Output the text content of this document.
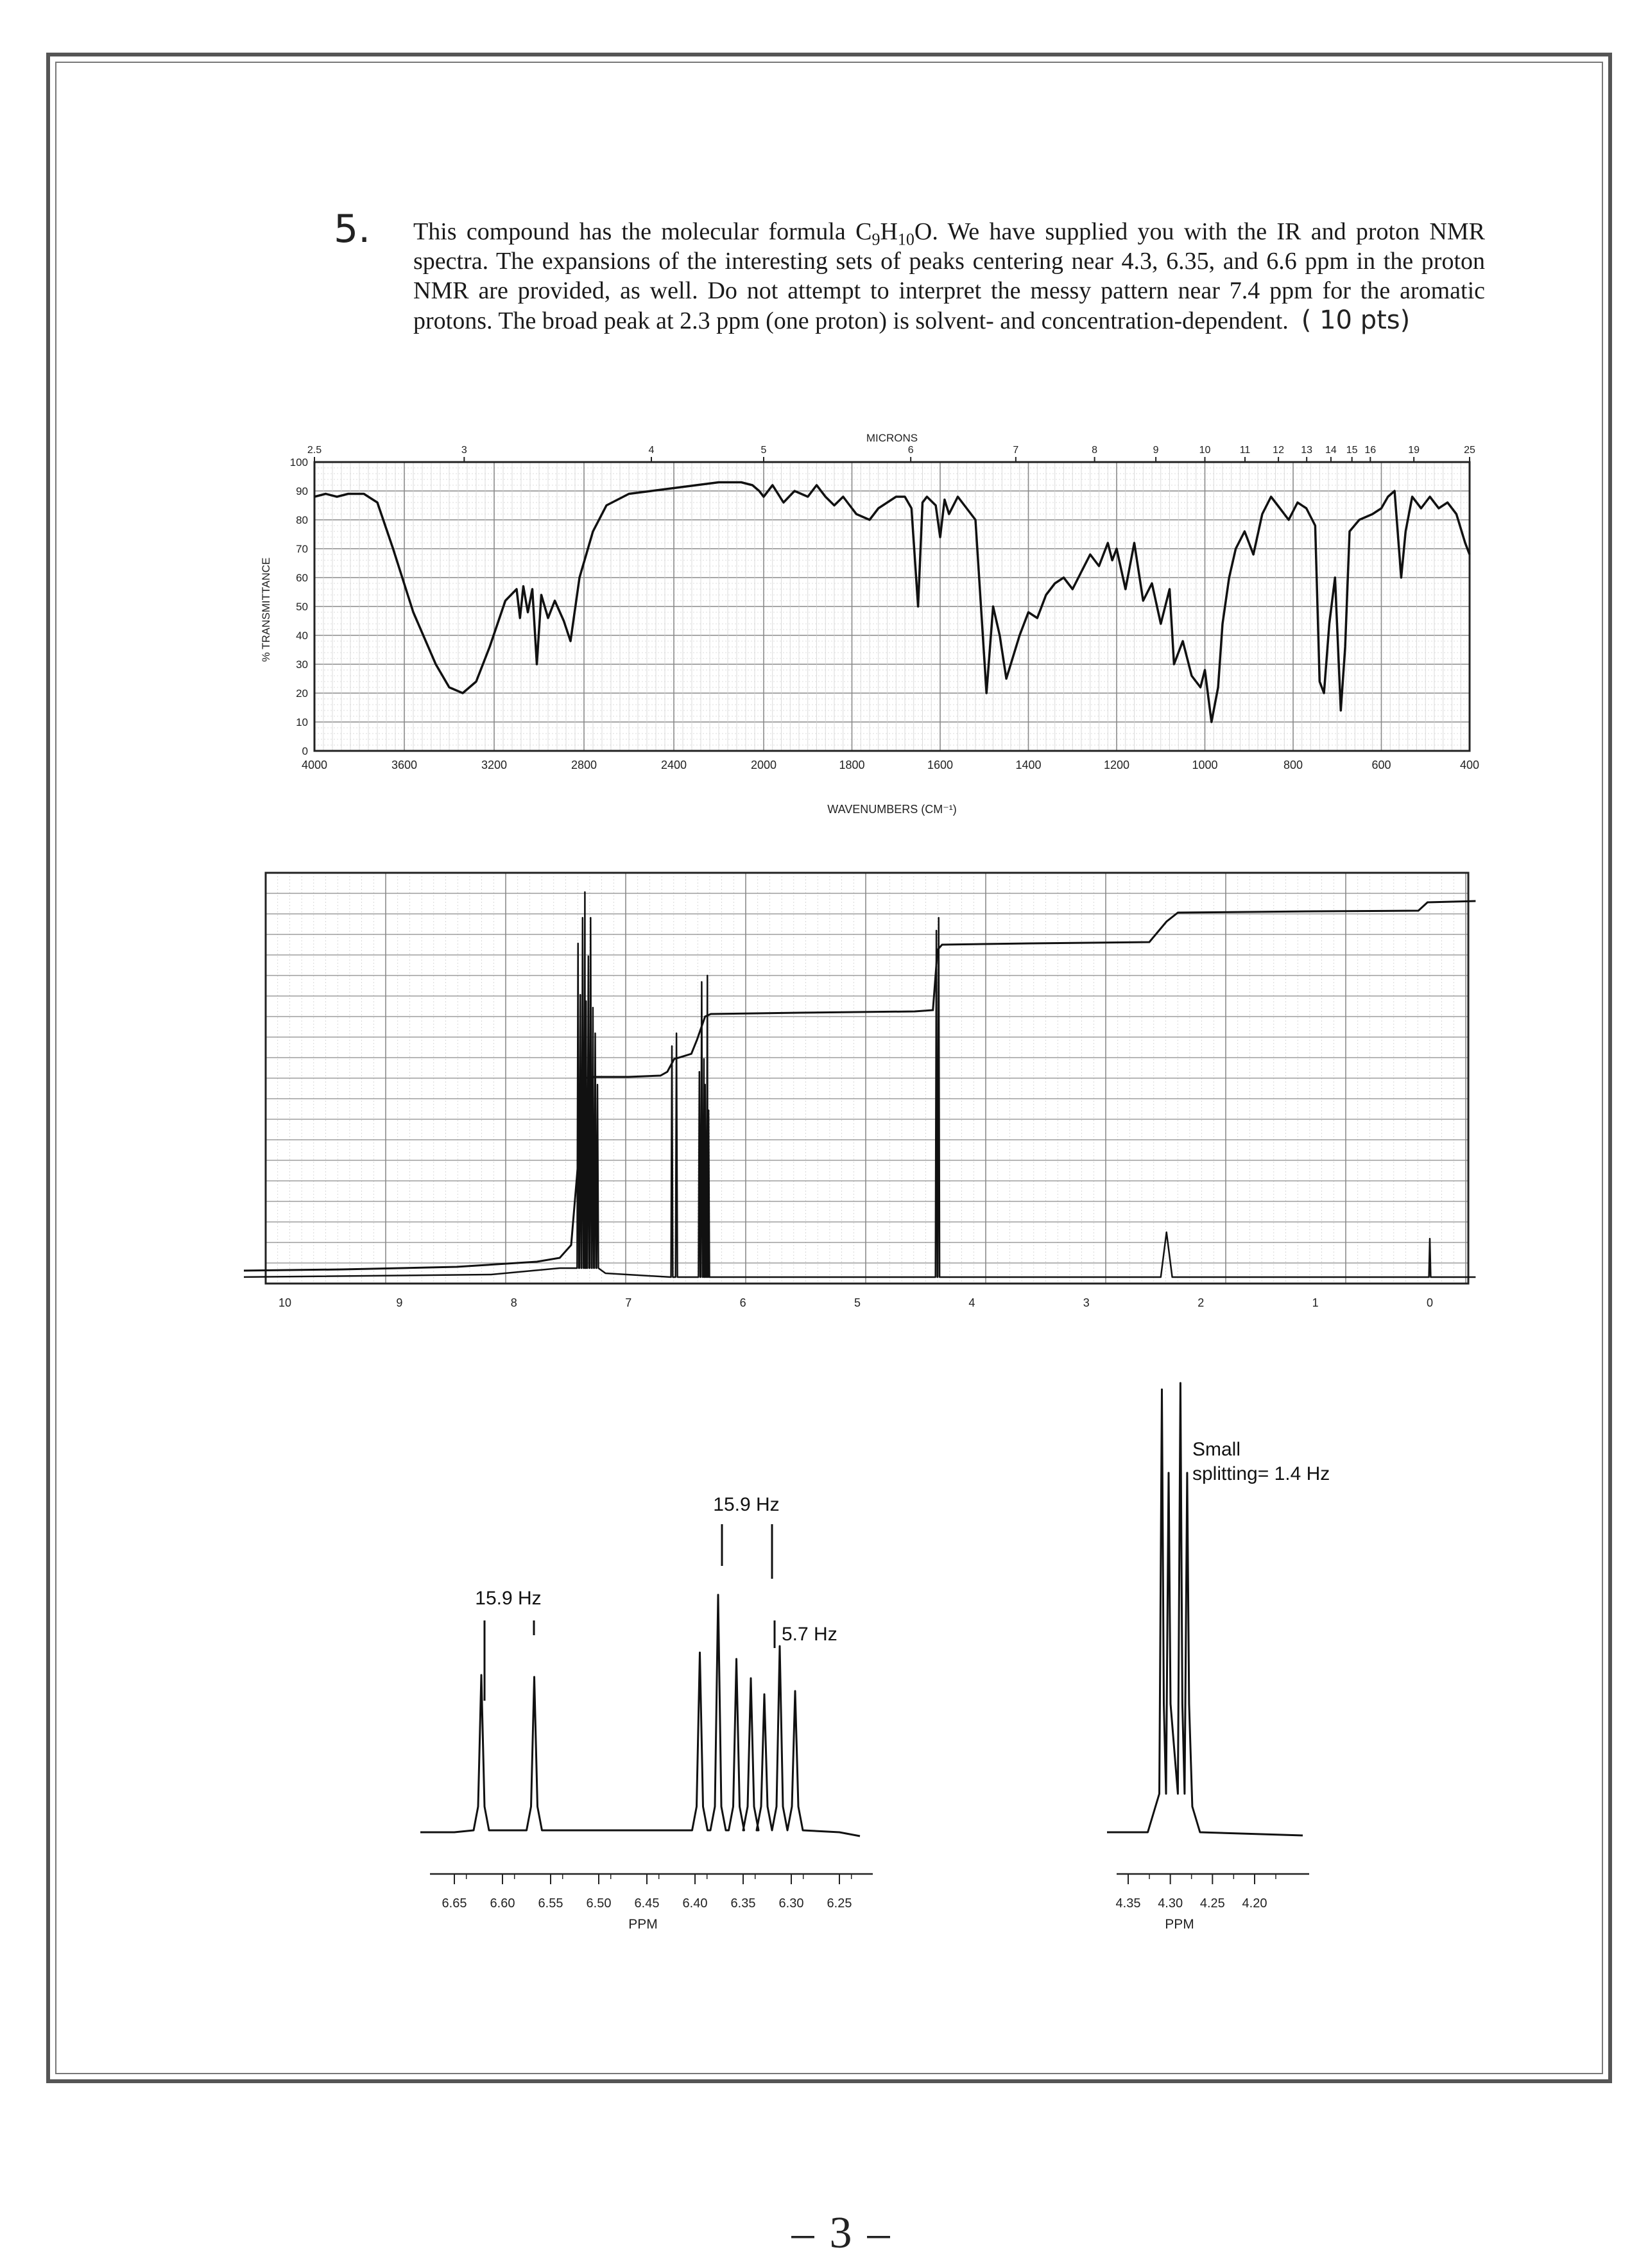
5. This compound has the molecular formula $C_9H_{10}O$. We have supplied you with the IR and proton NMR spectra. The expansions of the interesting sets of peaks centering near 4.3, 6.35, and 6.6 ppm in the proton NMR are provided, as well. Do not attempt to interpret the messy pattern near 7.4 ppm for the aromatic protons. The broad peak at 2.3 ppm (one proton) is solvent- and concentration-dependent. ( 10 pts)
MICRONS
2.5	3	4	5	6	7	8	9	10	11 12 13 14 15 16	19	25
100
90
80
70
60
50
40
30
20
10
0
4000	3600	3200	2800	2400	2000	1800	1600	1400	1200	1000	800	600	400
WAVENUMBERS (CM⁻¹)
% TRANSMITTANCE
10	9	8	7	6	5	4	3	2	1	0
6.65 6.60 6.55 6.50 6.45 6.40 6.35 6.30 6.25
PPM
15.9 Hz
15.9 Hz
5.7 Hz
4.35 4.30 4.25 4.20
PPM
Small
splitting= 1.4 Hz
– 3 –
